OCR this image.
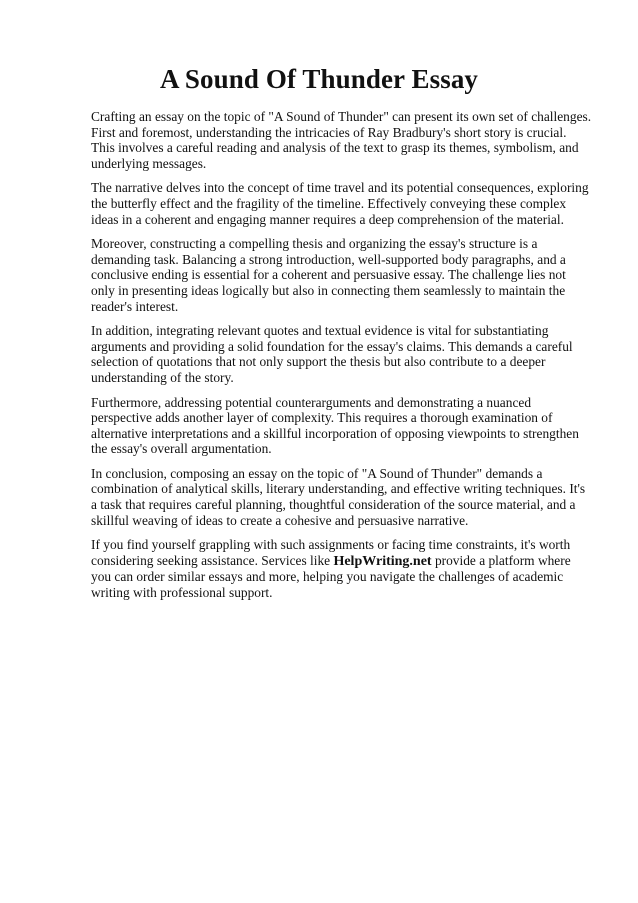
A Sound Of Thunder Essay

Crafting an essay on the topic of "A Sound of Thunder" can present its own set of challenges. First and foremost, understanding the intricacies of Ray Bradbury's short story is crucial. This involves a careful reading and analysis of the text to grasp its themes, symbolism, and underlying messages.

The narrative delves into the concept of time travel and its potential consequences, exploring the butterfly effect and the fragility of the timeline. Effectively conveying these complex ideas in a coherent and engaging manner requires a deep comprehension of the material.

Moreover, constructing a compelling thesis and organizing the essay's structure is a demanding task. Balancing a strong introduction, well-supported body paragraphs, and a conclusive ending is essential for a coherent and persuasive essay. The challenge lies not only in presenting ideas logically but also in connecting them seamlessly to maintain the reader's interest.

In addition, integrating relevant quotes and textual evidence is vital for substantiating arguments and providing a solid foundation for the essay's claims. This demands a careful selection of quotations that not only support the thesis but also contribute to a deeper understanding of the story.

Furthermore, addressing potential counterarguments and demonstrating a nuanced perspective adds another layer of complexity. This requires a thorough examination of alternative interpretations and a skillful incorporation of opposing viewpoints to strengthen the essay's overall argumentation.

In conclusion, composing an essay on the topic of "A Sound of Thunder" demands a combination of analytical skills, literary understanding, and effective writing techniques. It's a task that requires careful planning, thoughtful consideration of the source material, and a skillful weaving of ideas to create a cohesive and persuasive narrative.

If you find yourself grappling with such assignments or facing time constraints, it's worth considering seeking assistance. Services like HelpWriting.net provide a platform where you can order similar essays and more, helping you navigate the challenges of academic writing with professional support.
